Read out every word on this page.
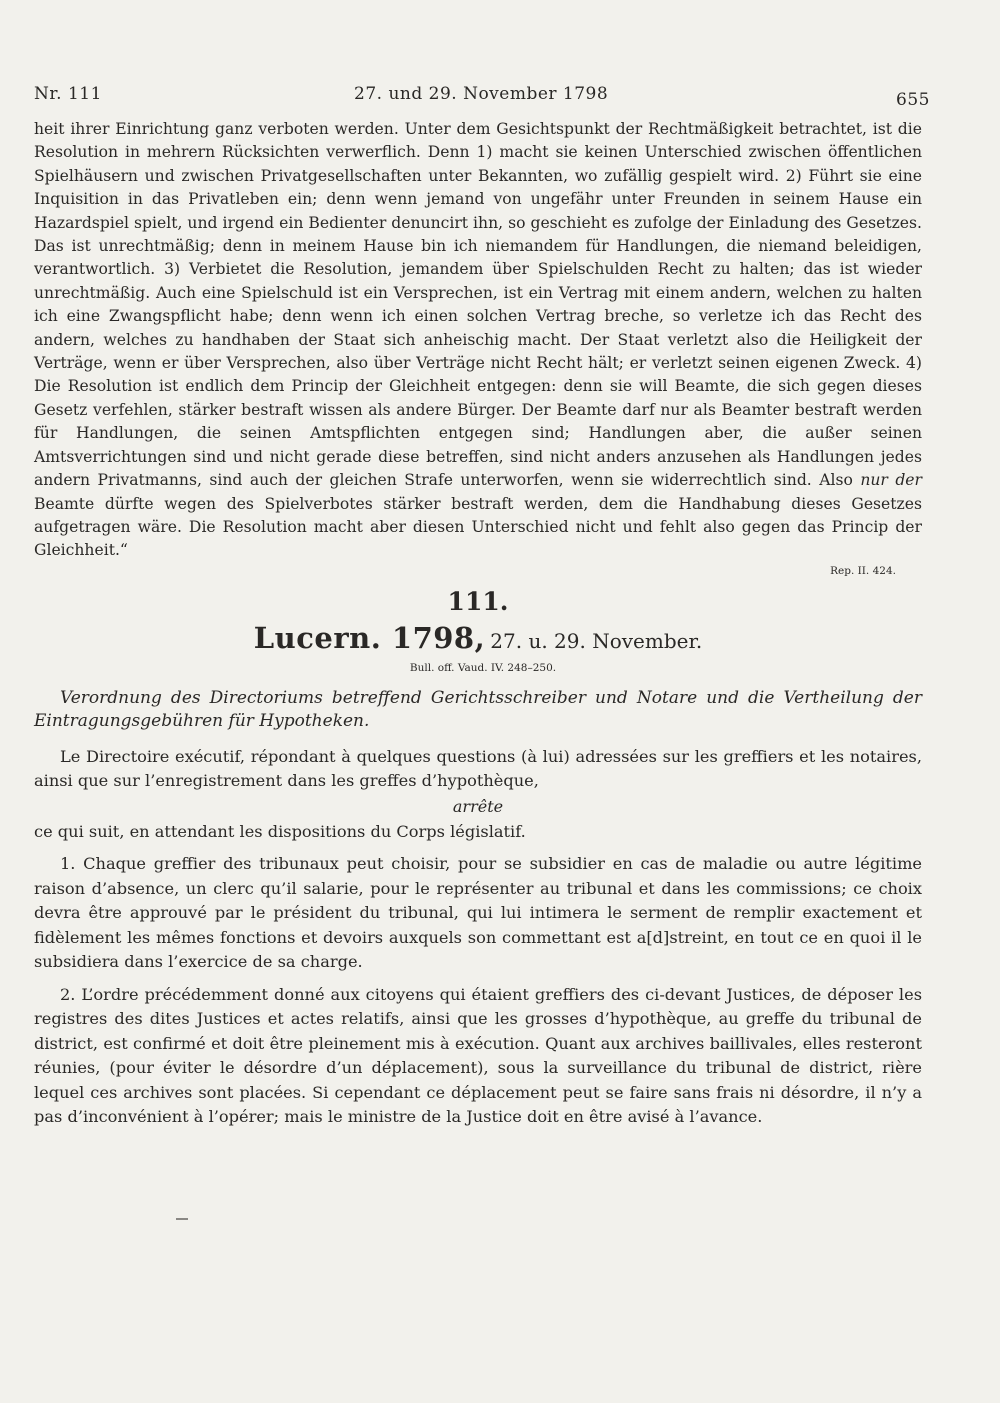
Nr. 111	27. und 29. November 1798	655

heit ihrer Einrichtung ganz verboten werden. Unter dem Gesichtspunkt der Rechtmäßigkeit betrachtet, ist die Resolution in mehrern Rücksichten verwerflich. Denn 1) macht sie keinen Unterschied zwischen öffentlichen Spielhäusern und zwischen Privatgesellschaften unter Bekannten, wo zufällig gespielt wird. 2) Führt sie eine Inquisition in das Privatleben ein; denn wenn jemand von ungefähr unter Freunden in seinem Hause ein Hazardspiel spielt, und irgend ein Bedienter denuncirt ihn, so geschieht es zufolge der Einladung des Gesetzes. Das ist unrechtmäßig; denn in meinem Hause bin ich niemandem für Handlungen, die niemand beleidigen, verantwortlich. 3) Verbietet die Resolution, jemandem über Spielschulden Recht zu halten; das ist wieder unrechtmäßig. Auch eine Spielschuld ist ein Versprechen, ist ein Vertrag mit einem andern, welchen zu halten ich eine Zwangspflicht habe; denn wenn ich einen solchen Vertrag breche, so verletze ich das Recht des andern, welches zu handhaben der Staat sich anheischig macht. Der Staat verletzt also die Heiligkeit der Verträge, wenn er über Versprechen, also über Verträge nicht Recht hält; er verletzt seinen eigenen Zweck. 4) Die Resolution ist endlich dem Princip der Gleichheit entgegen: denn sie will Beamte, die sich gegen dieses Gesetz verfehlen, stärker bestraft wissen als andere Bürger. Der Beamte darf nur als Beamter bestraft werden für Handlungen, die seinen Amtspflichten entgegen sind; Handlungen aber, die außer seinen Amtsverrichtungen sind und nicht gerade diese betreffen, sind nicht anders anzusehen als Handlungen jedes andern Privatmanns, sind auch der gleichen Strafe unterworfen, wenn sie widerrechtlich sind. Also nur der Beamte dürfte wegen des Spielverbotes stärker bestraft werden, dem die Handhabung dieses Gesetzes aufgetragen wäre. Die Resolution macht aber diesen Unterschied nicht und fehlt also gegen das Princip der Gleichheit.“

Rep. II. 424.
111.
Lucern. 1798, 27. u. 29. November.
Bull. off. Vaud. IV. 248–250.

Verordnung des Directoriums betreffend Gerichtsschreiber und Notare und die Vertheilung der Eintragungsgebühren für Hypotheken.

Le Directoire exécutif, répondant à quelques questions (à lui) adressées sur les greffiers et les notaires, ainsi que sur l’enregistrement dans les greffes d’hypothèque,

arrête

ce qui suit, en attendant les dispositions du Corps législatif.

1. Chaque greffier des tribunaux peut choisir, pour se subsidier en cas de maladie ou autre légitime raison d’absence, un clerc qu’il salarie, pour le représenter au tribunal et dans les commissions; ce choix devra être approuvé par le président du tribunal, qui lui intimera le serment de remplir exactement et fidèlement les mêmes fonctions et devoirs auxquels son commettant est a[d]streint, en tout ce en quoi il le subsidiera dans l’exercice de sa charge.

2. L’ordre précédemment donné aux citoyens qui étaient greffiers des ci-devant Justices, de déposer les registres des dites Justices et actes relatifs, ainsi que les grosses d’hypothèque, au greffe du tribunal de district, est confirmé et doit être pleinement mis à exécution. Quant aux archives baillivales, elles resteront réunies, (pour éviter le désordre d’un déplacement), sous la surveillance du tribunal de district, rière lequel ces archives sont placées. Si cependant ce déplacement peut se faire sans frais ni désordre, il n’y a pas d’inconvénient à l’opérer; mais le ministre de la Justice doit en être avisé à l’avance.
